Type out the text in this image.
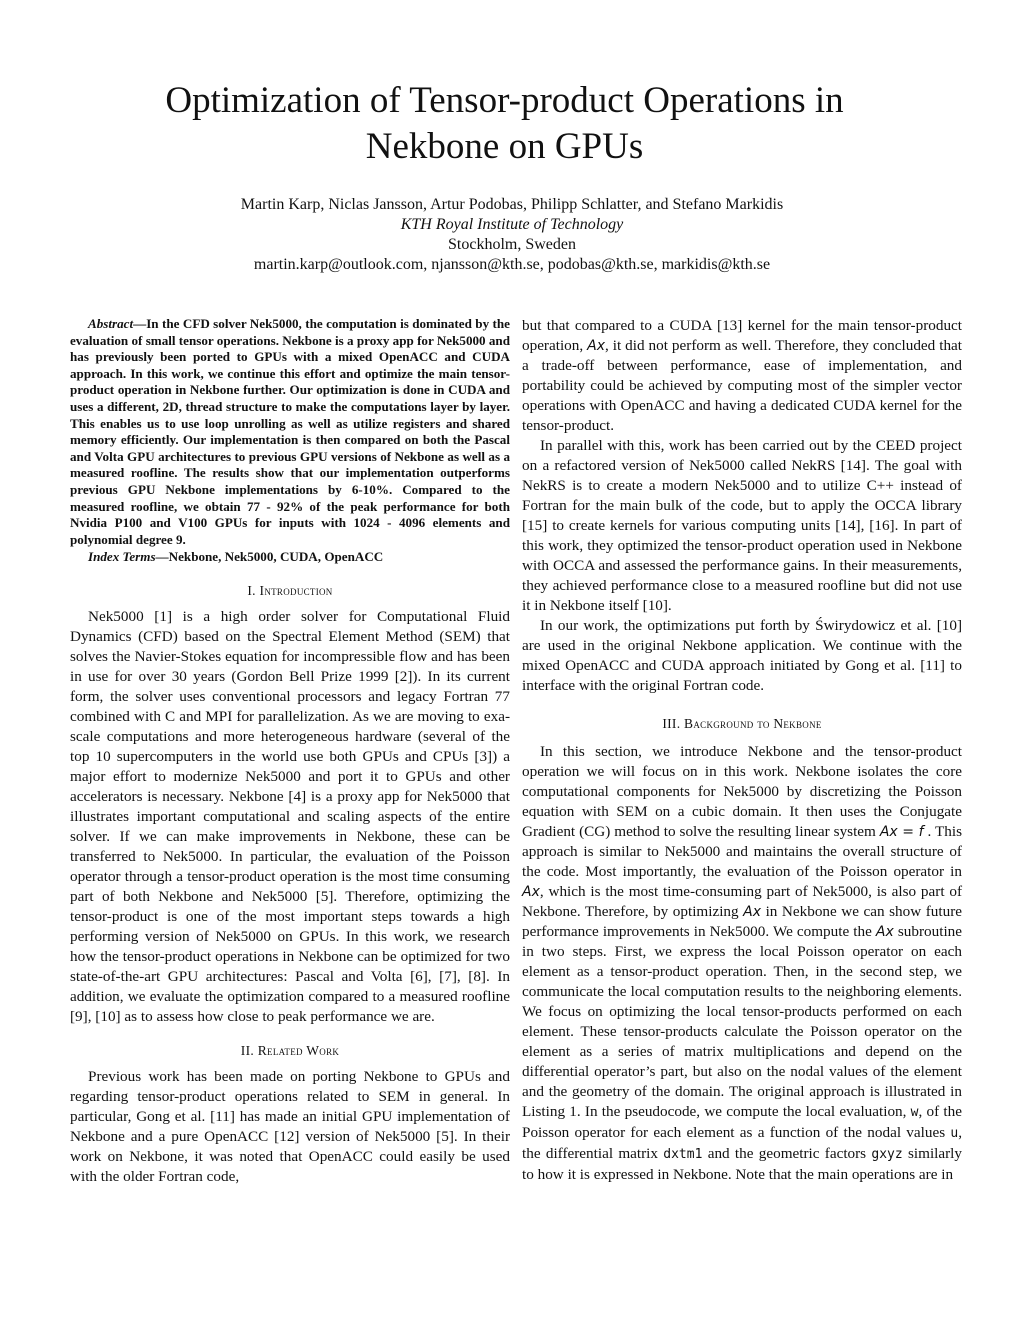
Optimization of Tensor-product Operations in
Nekbone on GPUs
Martin Karp, Niclas Jansson, Artur Podobas, Philipp Schlatter, and Stefano Markidis
KTH Royal Institute of Technology
Stockholm, Sweden
martin.karp@outlook.com, njansson@kth.se, podobas@kth.se, markidis@kth.se

Abstract—In the CFD solver Nek5000, the computation is dominated by the evaluation of small tensor operations. Nekbone is a proxy app for Nek5000 and has previously been ported to GPUs with a mixed OpenACC and CUDA approach. In this work, we continue this effort and optimize the main tensor-product operation in Nekbone further. Our optimization is done in CUDA and uses a different, 2D, thread structure to make the computations layer by layer. This enables us to use loop unrolling as well as utilize registers and shared memory efficiently. Our implementation is then compared on both the Pascal and Volta GPU architectures to previous GPU versions of Nekbone as well as a measured roofline. The results show that our implementation outperforms previous GPU Nekbone implementations by 6-10%. Compared to the measured roofline, we obtain 77 - 92% of the peak performance for both Nvidia P100 and V100 GPUs for inputs with 1024 - 4096 elements and polynomial degree 9.

Index Terms—Nekbone, Nek5000, CUDA, OpenACC

I. Introduction

Nek5000 [1] is a high order solver for Computational Fluid Dynamics (CFD) based on the Spectral Element Method (SEM) that solves the Navier-Stokes equation for incompressible flow and has been in use for over 30 years (Gordon Bell Prize 1999 [2]). In its current form, the solver uses conventional processors and legacy Fortran 77 combined with C and MPI for parallelization. As we are moving to exa-scale computations and more heterogeneous hardware (several of the top 10 supercomputers in the world use both GPUs and CPUs [3]) a major effort to modernize Nek5000 and port it to GPUs and other accelerators is necessary. Nekbone [4] is a proxy app for Nek5000 that illustrates important computational and scaling aspects of the entire solver. If we can make improvements in Nekbone, these can be transferred to Nek5000. In particular, the evaluation of the Poisson operator through a tensor-product operation is the most time consuming part of both Nekbone and Nek5000 [5]. Therefore, optimizing the tensor-product is one of the most important steps towards a high performing version of Nek5000 on GPUs. In this work, we research how the tensor-product operations in Nekbone can be optimized for two state-of-the-art GPU architectures: Pascal and Volta [6], [7], [8]. In addition, we evaluate the optimization compared to a measured roofline [9], [10] as to assess how close to peak performance we are.

II. Related Work

Previous work has been made on porting Nekbone to GPUs and regarding tensor-product operations related to SEM in general. In particular, Gong et al. [11] has made an initial GPU implementation of Nekbone and a pure OpenACC [12] version of Nek5000 [5]. In their work on Nekbone, it was noted that OpenACC could easily be used with the older Fortran code,

but that compared to a CUDA [13] kernel for the main tensor-product operation, Ax, it did not perform as well. Therefore, they concluded that a trade-off between performance, ease of implementation, and portability could be achieved by computing most of the simpler vector operations with OpenACC and having a dedicated CUDA kernel for the tensor-product.

In parallel with this, work has been carried out by the CEED project on a refactored version of Nek5000 called NekRS [14]. The goal with NekRS is to create a modern Nek5000 and to utilize C++ instead of Fortran for the main bulk of the code, but to apply the OCCA library [15] to create kernels for various computing units [14], [16]. In part of this work, they optimized the tensor-product operation used in Nekbone with OCCA and assessed the performance gains. In their measurements, they achieved performance close to a measured roofline but did not use it in Nekbone itself [10].

In our work, the optimizations put forth by Świrydowicz et al. [10] are used in the original Nekbone application. We continue with the mixed OpenACC and CUDA approach initiated by Gong et al. [11] to interface with the original Fortran code.

III. Background to Nekbone

In this section, we introduce Nekbone and the tensor-product operation we will focus on in this work. Nekbone isolates the core computational components for Nek5000 by discretizing the Poisson equation with SEM on a cubic domain. It then uses the Conjugate Gradient (CG) method to solve the resulting linear system Ax = f . This approach is similar to Nek5000 and maintains the overall structure of the code. Most importantly, the evaluation of the Poisson operator in Ax, which is the most time-consuming part of Nek5000, is also part of Nekbone. Therefore, by optimizing Ax in Nekbone we can show future performance improvements in Nek5000. We compute the Ax subroutine in two steps. First, we express the local Poisson operator on each element as a tensor-product operation. Then, in the second step, we communicate the local computation results to the neighboring elements. We focus on optimizing the local tensor-products performed on each element. These tensor-products calculate the Poisson operator on the element as a series of matrix multiplications and depend on the differential operator’s part, but also on the nodal values of the element and the geometry of the domain. The original approach is illustrated in Listing 1. In the pseudocode, we compute the local evaluation, w, of the Poisson operator for each element as a function of the nodal values u, the differential matrix dxtm1 and the geometric factors gxyz similarly to how it is expressed in Nekbone. Note that the main operations are in
